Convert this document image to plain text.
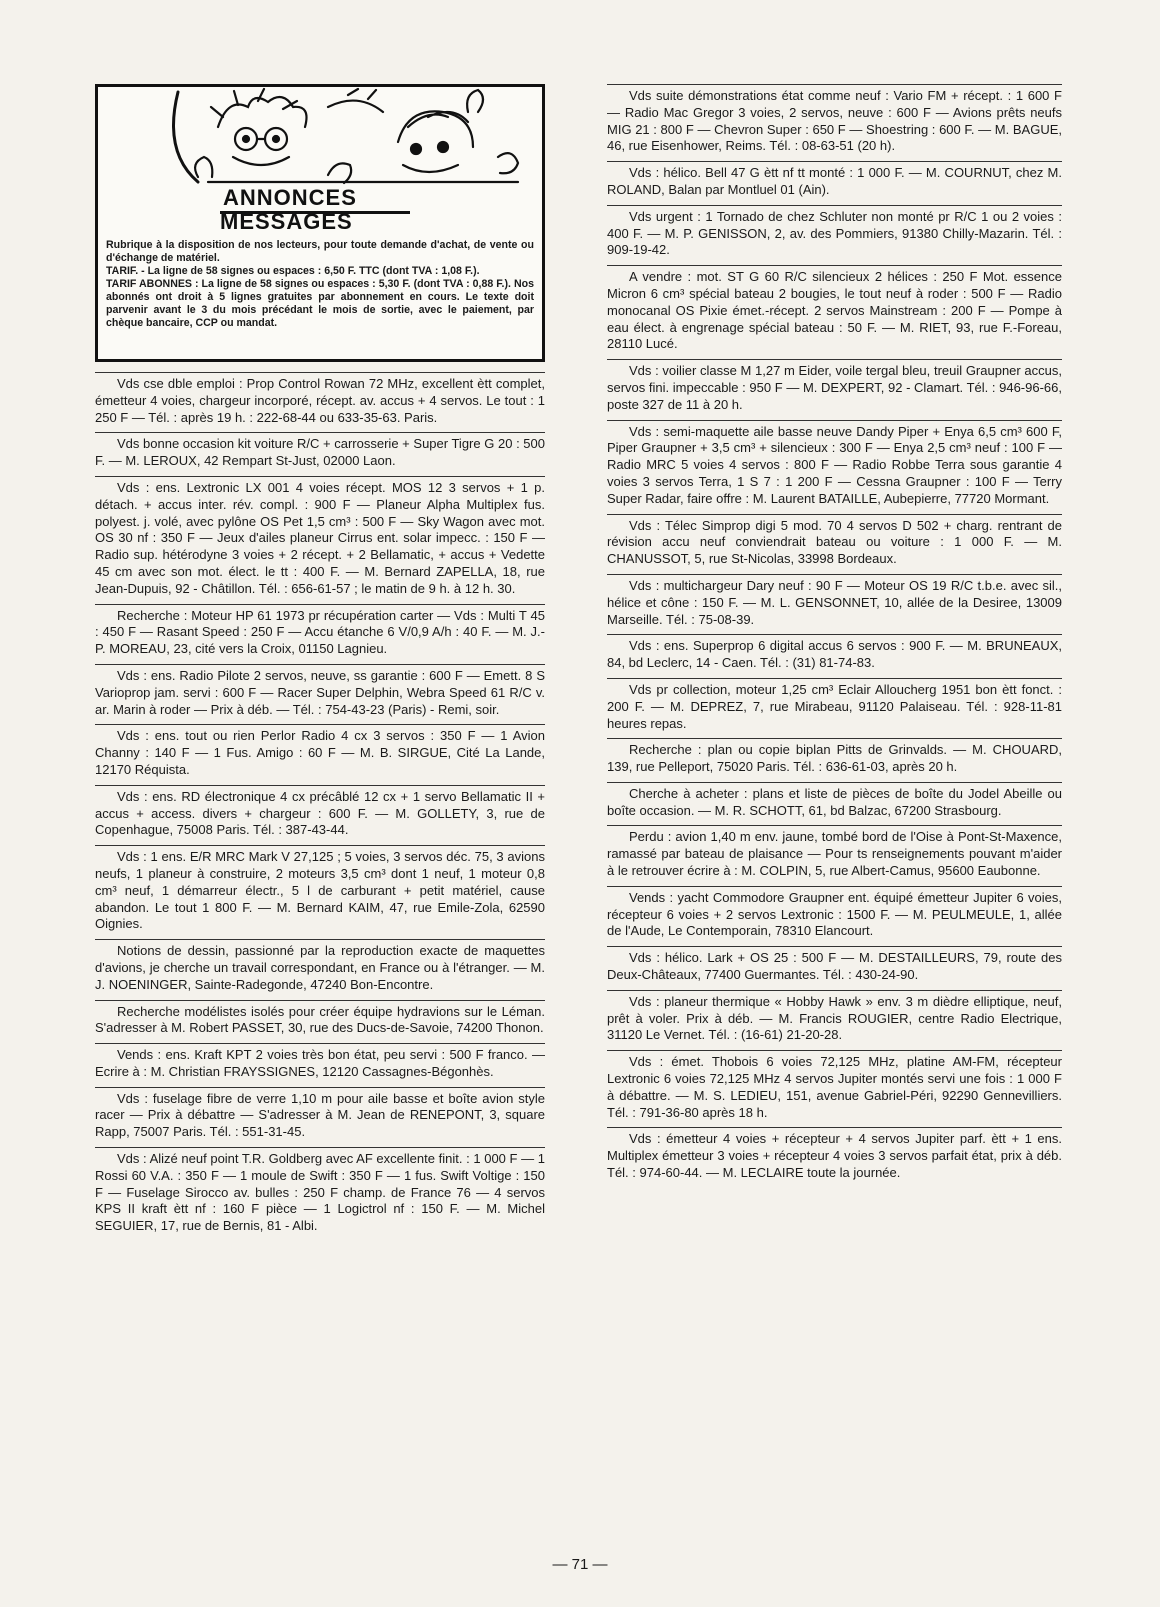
ANNONCES
MESSAGES

Rubrique à la disposition de nos lecteurs, pour toute demande d'achat, de vente ou d'échange de matériel.

TARIF. - La ligne de 58 signes ou espaces : 6,50 F. TTC (dont TVA : 1,08 F.).

TARIF ABONNES : La ligne de 58 signes ou espaces : 5,30 F. (dont TVA : 0,88 F.). Nos abonnés ont droit à 5 lignes gratuites par abonnement en cours. Le texte doit parvenir avant le 3 du mois précédant le mois de sortie, avec le paiement, par chèque bancaire, CCP ou mandat.

Vds cse dble emploi : Prop Control Rowan 72 MHz, excellent ètt complet, émetteur 4 voies, chargeur incorporé, récept. av. accus + 4 servos. Le tout : 1 250 F — Tél. : après 19 h. : 222-68-44 ou 633-35-63. Paris.
Vds bonne occasion kit voiture R/C + carrosserie + Super Tigre G 20 : 500 F. — M. LEROUX, 42 Rempart St-Just, 02000 Laon.
Vds : ens. Lextronic LX 001 4 voies récept. MOS 12 3 servos + 1 p. détach. + accus inter. rév. compl. : 900 F — Planeur Alpha Multiplex fus. polyest. j. volé, avec pylône OS Pet 1,5 cm³ : 500 F — Sky Wagon avec mot. OS 30 nf : 350 F — Jeux d'ailes planeur Cirrus ent. solar impecc. : 150 F — Radio sup. hétérodyne 3 voies + 2 récept. + 2 Bellamatic, + accus + Vedette 45 cm avec son mot. élect. le tt : 400 F. — M. Bernard ZAPELLA, 18, rue Jean-Dupuis, 92 - Châtillon. Tél. : 656-61-57 ; le matin de 9 h. à 12 h. 30.
Recherche : Moteur HP 61 1973 pr récupération carter — Vds : Multi T 45 : 450 F — Rasant Speed : 250 F — Accu étanche 6 V/0,9 A/h : 40 F. — M. J.-P. MOREAU, 23, cité vers la Croix, 01150 Lagnieu.
Vds : ens. Radio Pilote 2 servos, neuve, ss garantie : 600 F — Emett. 8 S Varioprop jam. servi : 600 F — Racer Super Delphin, Webra Speed 61 R/C v. ar. Marin à roder — Prix à déb. — Tél. : 754-43-23 (Paris) - Remi, soir.
Vds : ens. tout ou rien Perlor Radio 4 cx 3 servos : 350 F — 1 Avion Channy : 140 F — 1 Fus. Amigo : 60 F — M. B. SIRGUE, Cité La Lande, 12170 Réquista.
Vds : ens. RD électronique 4 cx précâblé 12 cx + 1 servo Bellamatic II + accus + access. divers + chargeur : 600 F. — M. GOLLETY, 3, rue de Copenhague, 75008 Paris. Tél. : 387-43-44.
Vds : 1 ens. E/R MRC Mark V 27,125 ; 5 voies, 3 servos déc. 75, 3 avions neufs, 1 planeur à construire, 2 moteurs 3,5 cm³ dont 1 neuf, 1 moteur 0,8 cm³ neuf, 1 démarreur électr., 5 l de carburant + petit matériel, cause abandon. Le tout 1 800 F. — M. Bernard KAIM, 47, rue Emile-Zola, 62590 Oignies.
Notions de dessin, passionné par la reproduction exacte de maquettes d'avions, je cherche un travail correspondant, en France ou à l'étranger. — M. J. NOENINGER, Sainte-Radegonde, 47240 Bon-Encontre.
Recherche modélistes isolés pour créer équipe hydravions sur le Léman. S'adresser à M. Robert PASSET, 30, rue des Ducs-de-Savoie, 74200 Thonon.
Vends : ens. Kraft KPT 2 voies très bon état, peu servi : 500 F franco. — Ecrire à : M. Christian FRAYSSIGNES, 12120 Cassagnes-Bégonhès.
Vds : fuselage fibre de verre 1,10 m pour aile basse et boîte avion style racer — Prix à débattre — S'adresser à M. Jean de RENEPONT, 3, square Rapp, 75007 Paris. Tél. : 551-31-45.
Vds : Alizé neuf point T.R. Goldberg avec AF excellente finit. : 1 000 F — 1 Rossi 60 V.A. : 350 F — 1 moule de Swift : 350 F — 1 fus. Swift Voltige : 150 F — Fuselage Sirocco av. bulles : 250 F champ. de France 76 — 4 servos KPS II kraft ètt nf : 160 F pièce — 1 Logictrol nf : 150 F. — M. Michel SEGUIER, 17, rue de Bernis, 81 - Albi.
Vds suite démonstrations état comme neuf : Vario FM + récept. : 1 600 F — Radio Mac Gregor 3 voies, 2 servos, neuve : 600 F — Avions prêts neufs MIG 21 : 800 F — Chevron Super : 650 F — Shoestring : 600 F. — M. BAGUE, 46, rue Eisenhower, Reims. Tél. : 08-63-51 (20 h).
Vds : hélico. Bell 47 G ètt nf tt monté : 1 000 F. — M. COURNUT, chez M. ROLAND, Balan par Montluel 01 (Ain).
Vds urgent : 1 Tornado de chez Schluter non monté pr R/C 1 ou 2 voies : 400 F. — M. P. GENISSON, 2, av. des Pommiers, 91380 Chilly-Mazarin. Tél. : 909-19-42.
A vendre : mot. ST G 60 R/C silencieux 2 hélices : 250 F Mot. essence Micron 6 cm³ spécial bateau 2 bougies, le tout neuf à roder : 500 F — Radio monocanal OS Pixie émet.-récept. 2 servos Mainstream : 200 F — Pompe à eau élect. à engrenage spécial bateau : 50 F. — M. RIET, 93, rue F.-Foreau, 28110 Lucé.
Vds : voilier classe M 1,27 m Eider, voile tergal bleu, treuil Graupner accus, servos fini. impeccable : 950 F — M. DEXPERT, 92 - Clamart. Tél. : 946-96-66, poste 327 de 11 à 20 h.
Vds : semi-maquette aile basse neuve Dandy Piper + Enya 6,5 cm³ 600 F, Piper Graupner + 3,5 cm³ + silencieux : 300 F — Enya 2,5 cm³ neuf : 100 F — Radio MRC 5 voies 4 servos : 800 F — Radio Robbe Terra sous garantie 4 voies 3 servos Terra, 1 S 7 : 1 200 F — Cessna Graupner : 100 F — Terry Super Radar, faire offre : M. Laurent BATAILLE, Aubepierre, 77720 Mormant.
Vds : Télec Simprop digi 5 mod. 70 4 servos D 502 + charg. rentrant de révision accu neuf conviendrait bateau ou voiture : 1 000 F. — M. CHANUSSOT, 5, rue St-Nicolas, 33998 Bordeaux.
Vds : multichargeur Dary neuf : 90 F — Moteur OS 19 R/C t.b.e. avec sil., hélice et cône : 150 F. — M. L. GENSONNET, 10, allée de la Desiree, 13009 Marseille. Tél. : 75-08-39.
Vds : ens. Superprop 6 digital accus 6 servos : 900 F. — M. BRUNEAUX, 84, bd Leclerc, 14 - Caen. Tél. : (31) 81-74-83.
Vds pr collection, moteur 1,25 cm³ Eclair Alloucherg 1951 bon ètt fonct. : 200 F. — M. DEPREZ, 7, rue Mirabeau, 91120 Palaiseau. Tél. : 928-11-81 heures repas.
Recherche : plan ou copie biplan Pitts de Grinvalds. — M. CHOUARD, 139, rue Pelleport, 75020 Paris. Tél. : 636-61-03, après 20 h.
Cherche à acheter : plans et liste de pièces de boîte du Jodel Abeille ou boîte occasion. — M. R. SCHOTT, 61, bd Balzac, 67200 Strasbourg.
Perdu : avion 1,40 m env. jaune, tombé bord de l'Oise à Pont-St-Maxence, ramassé par bateau de plaisance — Pour ts renseignements pouvant m'aider à le retrouver écrire à : M. COLPIN, 5, rue Albert-Camus, 95600 Eaubonne.
Vends : yacht Commodore Graupner ent. équipé émetteur Jupiter 6 voies, récepteur 6 voies + 2 servos Lextronic : 1500 F. — M. PEULMEULE, 1, allée de l'Aude, Le Contemporain, 78310 Elancourt.
Vds : hélico. Lark + OS 25 : 500 F — M. DESTAILLEURS, 79, route des Deux-Châteaux, 77400 Guermantes. Tél. : 430-24-90.
Vds : planeur thermique « Hobby Hawk » env. 3 m dièdre elliptique, neuf, prêt à voler. Prix à déb. — M. Francis ROUGIER, centre Radio Electrique, 31120 Le Vernet. Tél. : (16-61) 21-20-28.
Vds : émet. Thobois 6 voies 72,125 MHz, platine AM-FM, récepteur Lextronic 6 voies 72,125 MHz 4 servos Jupiter montés servi une fois : 1 000 F à débattre. — M. S. LEDIEU, 151, avenue Gabriel-Péri, 92290 Gennevilliers. Tél. : 791-36-80 après 18 h.
Vds : émetteur 4 voies + récepteur + 4 servos Jupiter parf. ètt + 1 ens. Multiplex émetteur 3 voies + récepteur 4 voies 3 servos parfait état, prix à déb. Tél. : 974-60-44. — M. LECLAIRE toute la journée.
— 71 —
